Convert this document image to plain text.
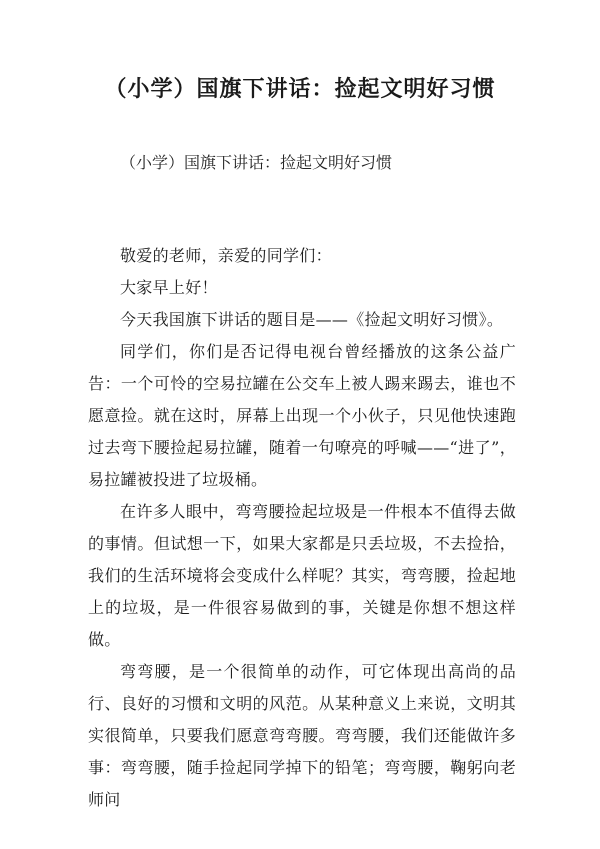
（小学）国旗下讲话：捡起文明好习惯
（小学）国旗下讲话：捡起文明好习惯

敬爱的老师，亲爱的同学们：

大家早上好！

今天我国旗下讲话的题目是——《捡起文明好习惯》。

同学们，你们是否记得电视台曾经播放的这条公益广告：一个可怜的空易拉罐在公交车上被人踢来踢去，谁也不愿意捡。就在这时，屏幕上出现一个小伙子，只见他快速跑过去弯下腰捡起易拉罐，随着一句嘹亮的呼喊——“进了”，易拉罐被投进了垃圾桶。

在许多人眼中，弯弯腰捡起垃圾是一件根本不值得去做的事情。但试想一下，如果大家都是只丢垃圾，不去捡拾，我们的生活环境将会变成什么样呢？其实，弯弯腰，捡起地上的垃圾，是一件很容易做到的事，关键是你想不想这样做。

弯弯腰，是一个很简单的动作，可它体现出高尚的品行、良好的习惯和文明的风范。从某种意义上来说，文明其实很简单，只要我们愿意弯弯腰。弯弯腰，我们还能做许多事：弯弯腰，随手捡起同学掉下的铅笔；弯弯腰，鞠躬向老师问
